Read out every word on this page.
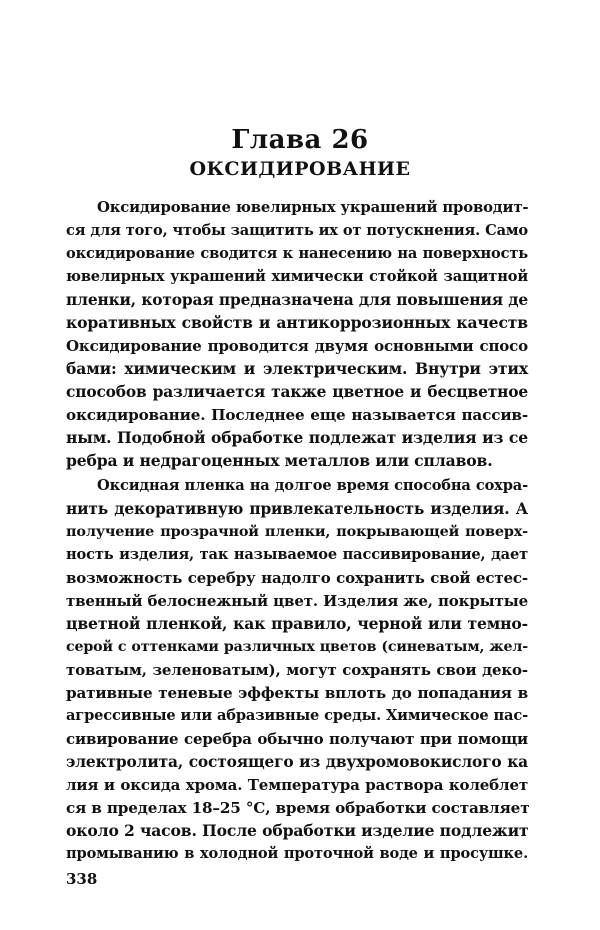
Глава 26
ОКСИДИРОВАНИЕ
Оксидирование ювелирных украшений проводит-
ся для того, чтобы защитить их от потускнения. Само
оксидирование сводится к нанесению на поверхность
ювелирных украшений химически стойкой защитной
пленки, которая предназначена для повышения де
коративных свойств и антикоррозионных качеств
Оксидирование проводится двумя основными спосо
бами: химическим и электрическим. Внутри этих
способов различается также цветное и бесцветное
оксидирование. Последнее еще называется пассив-
ным. Подобной обработке подлежат изделия из се
ребра и недрагоценных металлов или сплавов.
Оксидная пленка на долгое время способна сохра-
нить декоративную привлекательность изделия. А
получение прозрачной пленки, покрывающей поверх-
ность изделия, так называемое пассивирование, дает
возможность серебру надолго сохранить свой естес-
твенный белоснежный цвет. Изделия же, покрытые
цветной пленкой, как правило, черной или темно-
серой с оттенками различных цветов (синеватым, жел-
товатым, зеленоватым), могут сохранять свои деко-
ративные теневые эффекты вплоть до попадания в
агрессивные или абразивные среды. Химическое пас-
сивирование серебра обычно получают при помощи
электролита, состоящего из двухромовокислого ка
лия и оксида хрома. Температура раствора колеблет
ся в пределах 18–25 °С, время обработки составляет
около 2 часов. После обработки изделие подлежит
промыванию в холодной проточной воде и просушке.
338
